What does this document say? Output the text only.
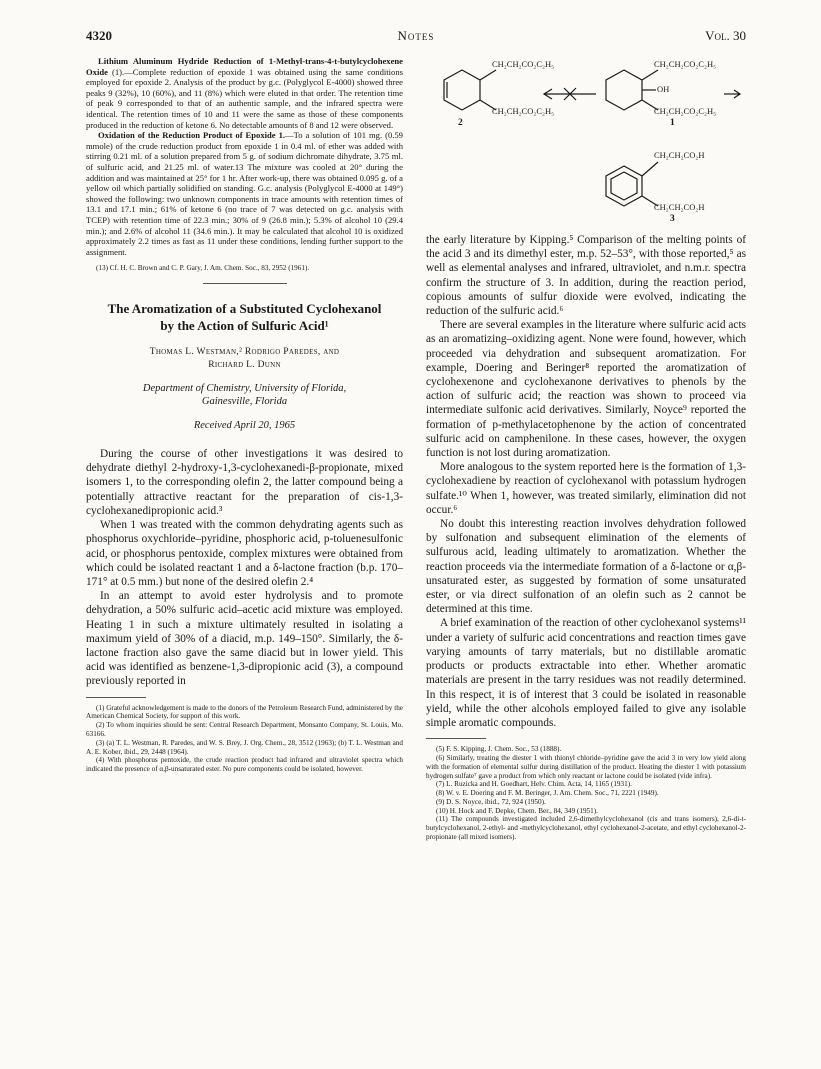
4320	Notes	Vol. 30

Lithium Aluminum Hydride Reduction of 1-Methyl-trans-4-t-butylcyclohexene Oxide (1).—Complete reduction of epoxide 1 was obtained using the same conditions employed for epoxide 2. Analysis of the product by g.c. (Polyglycol E-4000) showed three peaks 9 (32%), 10 (60%), and 11 (8%) which were eluted in that order. The retention time of peak 9 corresponded to that of an authentic sample, and the infrared spectra were identical. The retention times of 10 and 11 were the same as those of these components produced in the reduction of ketone 6. No detectable amounts of 8 and 12 were observed.

Oxidation of the Reduction Product of Epoxide 1.—To a solution of 101 mg. (0.59 mmole) of the crude reduction product from epoxide 1 in 0.4 ml. of ether was added with stirring 0.21 ml. of a solution prepared from 5 g. of sodium dichromate dihydrate, 3.75 ml. of sulfuric acid, and 21.25 ml. of water.13 The mixture was cooled at 20° during the addition and was maintained at 25° for 1 hr. After work-up, there was obtained 0.095 g. of a yellow oil which partially solidified on standing. G.c. analysis (Polyglycol E-4000 at 149°) showed the following: two unknown components in trace amounts with retention times of 13.1 and 17.1 min.; 61% of ketone 6 (no trace of 7 was detected on g.c. analysis with TCEP) with retention time of 22.3 min.; 30% of 9 (26.8 min.); 5.3% of alcohol 10 (29.4 min.); and 2.6% of alcohol 11 (34.6 min.). It may be calculated that alcohol 10 is oxidized approximately 2.2 times as fast as 11 under these conditions, lending further support to the assignment.

(13) Cf. H. C. Brown and C. P. Gary, J. Am. Chem. Soc., 83, 2952 (1961).

The Aromatization of a Substituted Cyclohexanol
by the Action of Sulfuric Acid¹
Thomas L. Westman,² Rodrigo Paredes, and
Richard L. Dunn
Department of Chemistry, University of Florida,
Gainesville, Florida
Received April 20, 1965

During the course of other investigations it was desired to dehydrate diethyl 2-hydroxy-1,3-cyclohexanedi-β-propionate, mixed isomers 1, to the corresponding olefin 2, the latter compound being a potentially attractive reactant for the preparation of cis-1,3-cyclohexanedipropionic acid.³

When 1 was treated with the common dehydrating agents such as phosphorus oxychloride–pyridine, phosphoric acid, p-toluenesulfonic acid, or phosphorus pentoxide, complex mixtures were obtained from which could be isolated reactant 1 and a δ-lactone fraction (b.p. 170–171° at 0.5 mm.) but none of the desired olefin 2.⁴

In an attempt to avoid ester hydrolysis and to promote dehydration, a 50% sulfuric acid–acetic acid mixture was employed. Heating 1 in such a mixture ultimately resulted in isolating a maximum yield of 30% of a diacid, m.p. 149–150°. Similarly, the δ-lactone fraction also gave the same diacid but in lower yield. This acid was identified as benzene-1,3-dipropionic acid (3), a compound previously reported in

(1) Grateful acknowledgement is made to the donors of the Petroleum Research Fund, administered by the American Chemical Society, for support of this work.

(2) To whom inquiries should be sent: Central Research Department, Monsanto Company, St. Louis, Mo. 63166.

(3) (a) T. L. Westman, R. Paredes, and W. S. Brey, J. Org. Chem., 28, 3512 (1963); (b) T. L. Westman and A. E. Kober, ibid., 29, 2448 (1964).

(4) With phosphorus pentoxide, the crude reaction product had infrared and ultraviolet spectra which indicated the presence of α,β-unsaturated ester. No pure components could be isolated, however.

CH₂CH₂CO₂C₂H₅
CH₂CH₂CO₂C₂H₅
2
CH₂CH₂CO₂C₂H₅
OH
CH₂CH₂CO₂C₂H₅
1
CH₂CH₂CO₂H
CH₂CH₂CO₂H
3

the early literature by Kipping.⁵ Comparison of the melting points of the acid 3 and its dimethyl ester, m.p. 52–53°, with those reported,⁵ as well as elemental analyses and infrared, ultraviolet, and n.m.r. spectra confirm the structure of 3. In addition, during the reaction period, copious amounts of sulfur dioxide were evolved, indicating the reduction of the sulfuric acid.⁶

There are several examples in the literature where sulfuric acid acts as an aromatizing–oxidizing agent. None were found, however, which proceeded via dehydration and subsequent aromatization. For example, Doering and Beringer⁸ reported the aromatization of cyclohexenone and cyclohexanone derivatives to phenols by the action of sulfuric acid; the reaction was shown to proceed via intermediate sulfonic acid derivatives. Similarly, Noyce⁹ reported the formation of p-methylacetophenone by the action of concentrated sulfuric acid on camphenilone. In these cases, however, the oxygen function is not lost during aromatization.

More analogous to the system reported here is the formation of 1,3-cyclohexadiene by reaction of cyclohexanol with potassium hydrogen sulfate.¹⁰ When 1, however, was treated similarly, elimination did not occur.⁶

No doubt this interesting reaction involves dehydration followed by sulfonation and subsequent elimination of the elements of sulfurous acid, leading ultimately to aromatization. Whether the reaction proceeds via the intermediate formation of a δ-lactone or α,β-unsaturated ester, as suggested by formation of some unsaturated ester, or via direct sulfonation of an olefin such as 2 cannot be determined at this time.

A brief examination of the reaction of other cyclohexanol systems¹¹ under a variety of sulfuric acid concentrations and reaction times gave varying amounts of tarry materials, but no distillable aromatic products or products extractable into ether. Whether aromatic materials are present in the tarry residues was not readily determined. In this respect, it is of interest that 3 could be isolated in reasonable yield, while the other alcohols employed failed to give any isolable simple aromatic compounds.

(5) F. S. Kipping, J. Chem. Soc., 53 (1888).

(6) Similarly, treating the diester 1 with thionyl chloride–pyridine gave the acid 3 in very low yield along with the formation of elemental sulfur during distillation of the product. Heating the diester 1 with potassium hydrogen sulfate⁷ gave a product from which only reactant or lactone could be isolated (vide infra).

(7) L. Ruzicka and H. Goedhart, Helv. Chim. Acta, 14, 1165 (1931).

(8) W. v. E. Doering and F. M. Beringer, J. Am. Chem. Soc., 71, 2221 (1949).

(9) D. S. Noyce, ibid., 72, 924 (1950).

(10) H. Hock and F. Depke, Chem. Ber., 84, 349 (1951).

(11) The compounds investigated included 2,6-dimethylcyclohexanol (cis and trans isomers), 2,6-di-t-butylcyclohexanol, 2-ethyl- and -methylcyclohexanol, ethyl cyclohexanol-2-acetate, and ethyl cyclohexanol-2-propionate (all mixed isomers).
